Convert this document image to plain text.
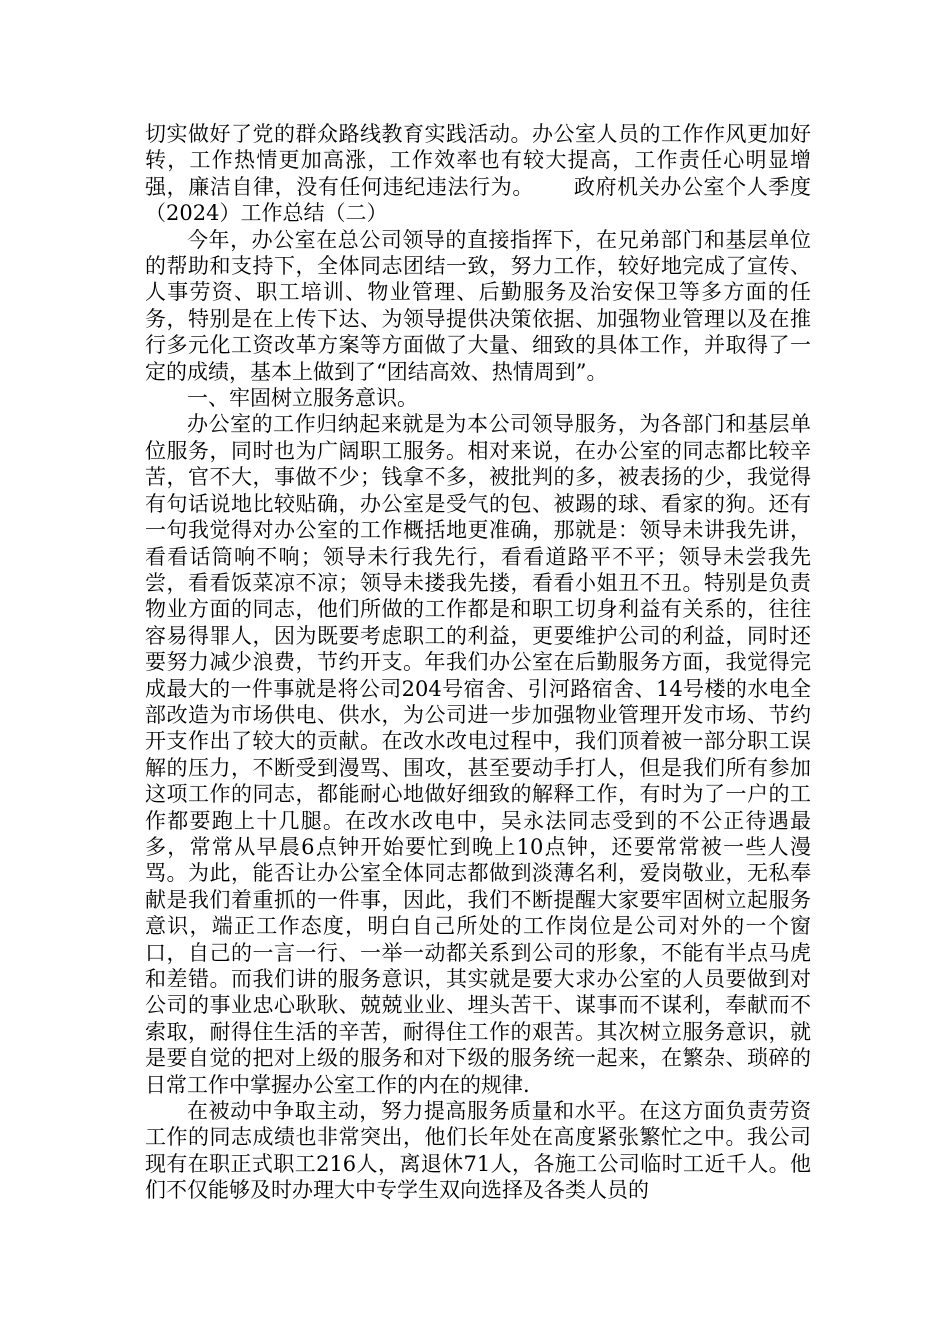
切实做好了党的群众路线教育实践活动。办公室人员的工作作风更加好转，工作热情更加高涨，工作效率也有较大提高，工作责任心明显增强，廉洁自律，没有任何违纪违法行为。 政府机关办公室个人季度（2024）工作总结（二）

今年，办公室在总公司领导的直接指挥下，在兄弟部门和基层单位的帮助和支持下，全体同志团结一致，努力工作，较好地完成了宣传、人事劳资、职工培训、物业管理、后勤服务及治安保卫等多方面的任务，特别是在上传下达、为领导提供决策依据、加强物业管理以及在推行多元化工资改革方案等方面做了大量、细致的具体工作，并取得了一定的成绩，基本上做到了“团结高效、热情周到”。

一、牢固树立服务意识。

办公室的工作归纳起来就是为本公司领导服务，为各部门和基层单位服务，同时也为广阔职工服务。相对来说，在办公室的同志都比较辛苦，官不大，事做不少；钱拿不多，被批判的多，被表扬的少，我觉得有句话说地比较贴确，办公室是受气的包、被踢的球、看家的狗。还有一句我觉得对办公室的工作概括地更准确，那就是：领导未讲我先讲，看看话筒响不响；领导未行我先行，看看道路平不平；领导未尝我先尝，看看饭菜凉不凉；领导未搂我先搂，看看小姐丑不丑。特别是负责物业方面的同志，他们所做的工作都是和职工切身利益有关系的，往往容易得罪人，因为既要考虑职工的利益，更要维护公司的利益，同时还要努力减少浪费，节约开支。年我们办公室在后勤服务方面，我觉得完成最大的一件事就是将公司204号宿舍、引河路宿舍、14号楼的水电全部改造为市场供电、供水，为公司进一步加强物业管理开发市场、节约开支作出了较大的贡献。在改水改电过程中，我们顶着被一部分职工误解的压力，不断受到漫骂、围攻，甚至要动手打人，但是我们所有参加这项工作的同志，都能耐心地做好细致的解释工作，有时为了一户的工作都要跑上十几腿。在改水改电中，吴永法同志受到的不公正待遇最多，常常从早晨6点钟开始要忙到晚上10点钟，还要常常被一些人漫骂。为此，能否让办公室全体同志都做到淡薄名利，爱岗敬业，无私奉献是我们着重抓的一件事，因此，我们不断提醒大家要牢固树立起服务意识，端正工作态度，明白自己所处的工作岗位是公司对外的一个窗口，自己的一言一行、一举一动都关系到公司的形象，不能有半点马虎和差错。而我们讲的服务意识，其实就是要大求办公室的人员要做到对公司的事业忠心耿耿、兢兢业业、埋头苦干、谋事而不谋利，奉献而不索取，耐得住生活的辛苦，耐得住工作的艰苦。其次树立服务意识，就是要自觉的把对上级的服务和对下级的服务统一起来，在繁杂、琐碎的日常工作中掌握办公室工作的内在的规律.

在被动中争取主动，努力提高服务质量和水平。在这方面负责劳资工作的同志成绩也非常突出，他们长年处在高度紧张繁忙之中。我公司现有在职正式职工216人，离退休71人，各施工公司临时工近千人。他们不仅能够及时办理大中专学生双向选择及各类人员的
